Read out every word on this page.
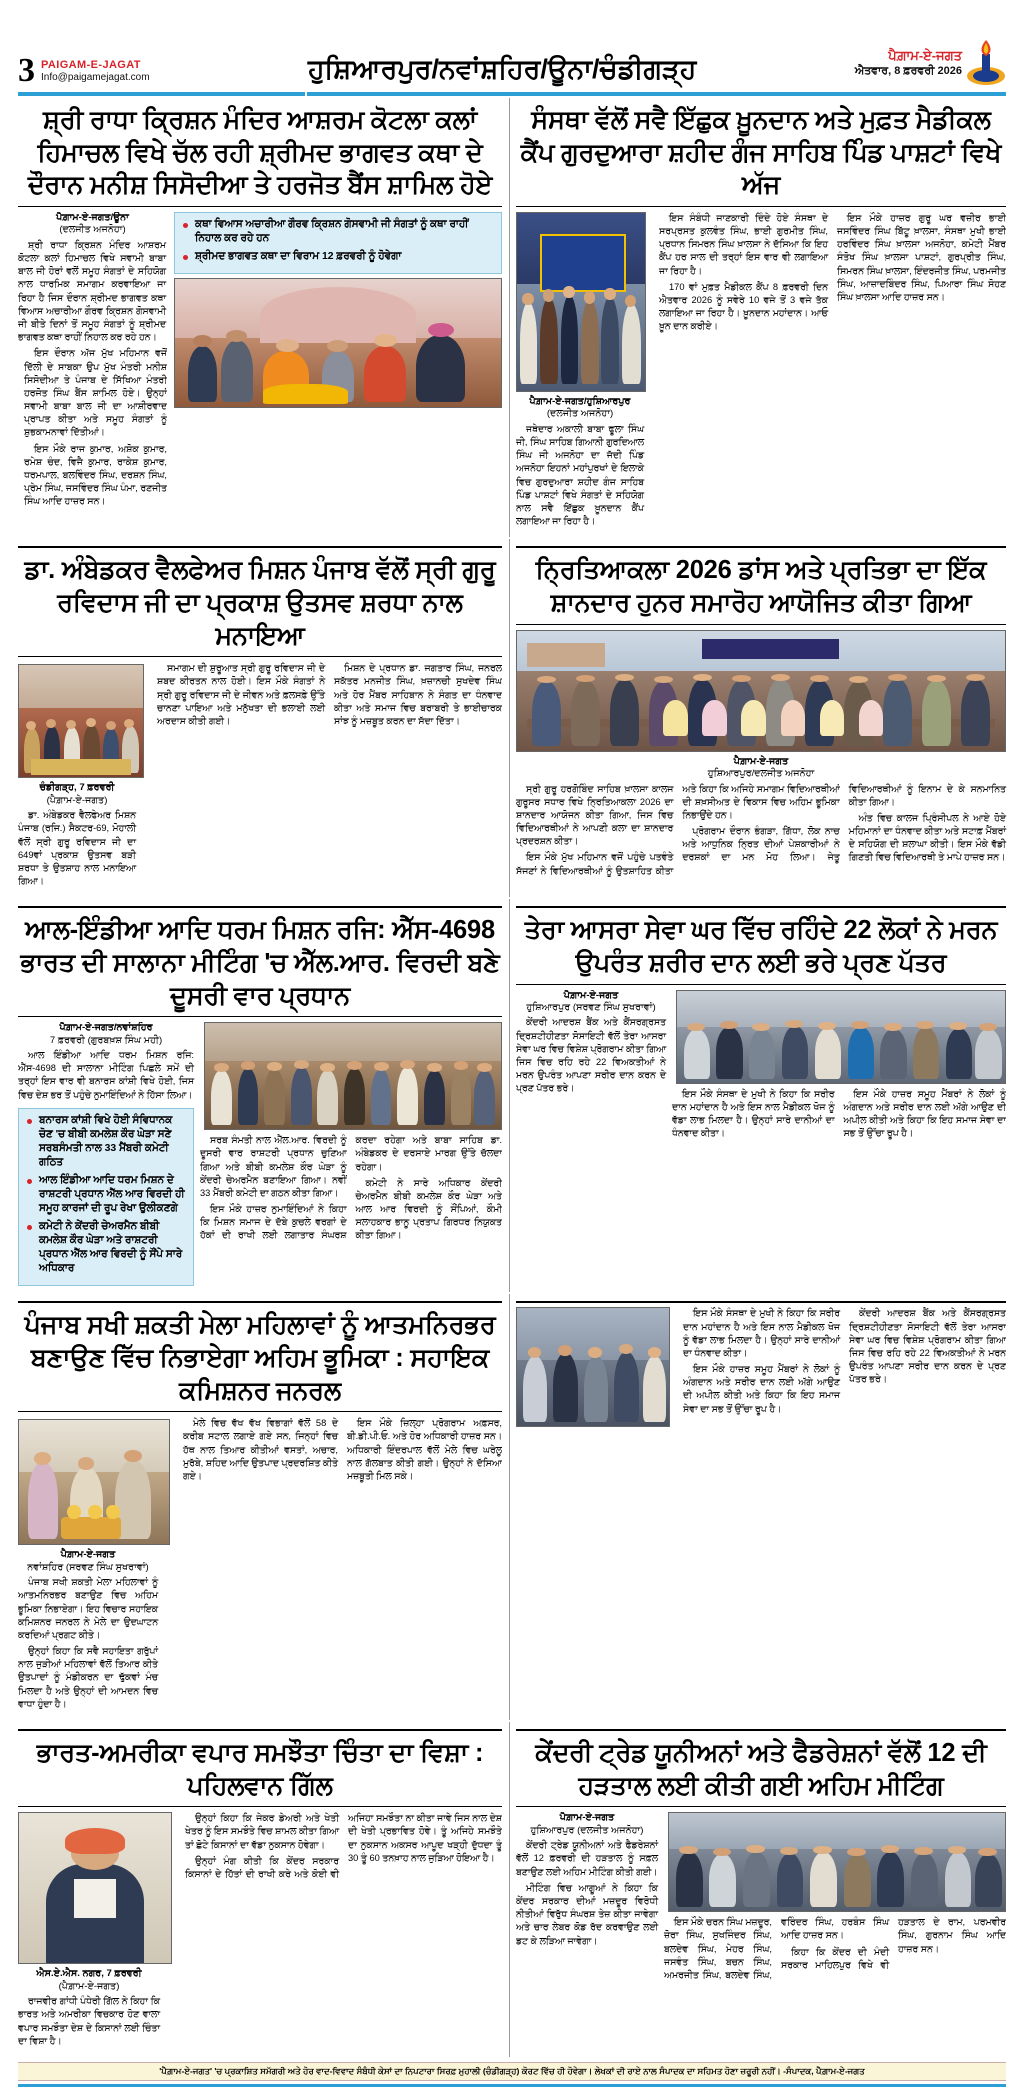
3 PAIGAM-E-JAGAT
Info@paigamejagat.com	ਹੁਸ਼ਿਆਰਪੁਰ/ਨਵਾਂਸ਼ਹਿਰ/ਊਨਾ/ਚੰਡੀਗੜ੍ਹ	ਪੈਗ਼ਾਮ-ਏ-ਜਗਤ
ਐਤਵਾਰ, 8 ਫ਼ਰਵਰੀ 2026
ਸ਼੍ਰੀ ਰਾਧਾ ਕ੍ਰਿਸ਼ਨ ਮੰਦਿਰ ਆਸ਼ਰਮ ਕੋਟਲਾ ਕਲਾਂ ਹਿਮਾਚਲ ਵਿਖੇ ਚੱਲ ਰਹੀ ਸ਼੍ਰੀਮਦ ਭਾਗਵਤ ਕਥਾ ਦੇ ਦੌਰਾਨ ਮਨੀਸ਼ ਸਿਸੋਦੀਆ ਤੇ ਹਰਜੋਤ ਬੈਂਸ ਸ਼ਾਮਿਲ ਹੋਏ
ਕਥਾ ਵਿਆਸ ਅਚਾਰੀਆ ਗੌਰਵ ਕ੍ਰਿਸ਼ਨ ਗੋਸਵਾਮੀ ਜੀ ਸੰਗਤਾਂ ਨੂੰ ਕਥਾ ਰਾਹੀਂ ਨਿਹਾਲ ਕਰ ਰਹੇ ਹਨ
ਸ਼੍ਰੀਮਦ ਭਾਗਵਤ ਕਥਾ ਦਾ ਵਿਰਾਮ 12 ਫ਼ਰਵਰੀ ਨੂੰ ਹੋਵੇਗਾ
ਪੈਗ਼ਾਮ-ਏ-ਜਗਤ/ਊਨਾ
(ਦਲਜੀਤ ਅਜਨੋਹਾ)

ਸ਼੍ਰੀ ਰਾਧਾ ਕ੍ਰਿਸ਼ਨ ਮੰਦਿਰ ਆਸ਼ਰਮ ਕੋਟਲਾ ਕਲਾਂ ਹਿਮਾਚਲ ਵਿਖੇ ਸਵਾਮੀ ਬਾਬਾ ਬਾਲ ਜੀ ਹੋਰਾਂ ਵਲੋਂ ਸਮੂਹ ਸੰਗਤਾਂ ਦੇ ਸਹਿਯੋਗ ਨਾਲ ਧਾਰਮਿਕ ਸਮਾਗਮ ਕਰਵਾਇਆ ਜਾ ਰਿਹਾ ਹੈ ਜਿਸ ਦੌਰਾਨ ਸ਼੍ਰੀਮਦ ਭਾਗਵਤ ਕਥਾ ਵਿਆਸ ਅਚਾਰੀਆ ਗੌਰਵ ਕ੍ਰਿਸ਼ਨ ਗੋਸਵਾਮੀ ਜੀ ਬੀਤੇ ਦਿਨਾਂ ਤੋਂ ਸਮੂਹ ਸੰਗਤਾਂ ਨੂੰ ਸ਼੍ਰੀਮਦ ਭਾਗਵਤ ਕਥਾ ਰਾਹੀਂ ਨਿਹਾਲ ਕਰ ਰਹੇ ਹਨ।

ਇਸ ਦੌਰਾਨ ਅੱਜ ਮੁੱਖ ਮਹਿਮਾਨ ਵਜੋਂ ਦਿੱਲੀ ਦੇ ਸਾਬਕਾ ਉਪ ਮੁੱਖ ਮੰਤਰੀ ਮਨੀਸ਼ ਸਿਸੋਦੀਆ ਤੇ ਪੰਜਾਬ ਦੇ ਸਿੱਖਿਆ ਮੰਤਰੀ ਹਰਜੋਤ ਸਿੰਘ ਬੈਂਸ ਸ਼ਾਮਿਲ ਹੋਏ। ਉਨ੍ਹਾਂ ਸਵਾਮੀ ਬਾਬਾ ਬਾਲ ਜੀ ਦਾ ਆਸ਼ੀਰਵਾਦ ਪ੍ਰਾਪਤ ਕੀਤਾ ਅਤੇ ਸਮੂਹ ਸੰਗਤਾਂ ਨੂੰ ਸ਼ੁਭਕਾਮਨਾਵਾਂ ਦਿੱਤੀਆਂ।

ਇਸ ਮੌਕੇ ਰਾਜ ਕੁਮਾਰ, ਅਸ਼ੋਕ ਕੁਮਾਰ, ਰਮੇਸ਼ ਚੰਦ, ਵਿਜੈ ਕੁਮਾਰ, ਰਾਕੇਸ਼ ਕੁਮਾਰ, ਧਰਮਪਾਲ, ਬਲਵਿੰਦਰ ਸਿੰਘ, ਦਰਸ਼ਨ ਸਿੰਘ, ਪ੍ਰੇਮ ਸਿੰਘ, ਜਸਵਿੰਦਰ ਸਿੰਘ ਪੰਮਾ, ਰਣਜੀਤ ਸਿੰਘ ਆਦਿ ਹਾਜ਼ਰ ਸਨ।

ਸੰਸਥਾ ਵੱਲੋਂ ਸਵੈ ਇੱਛੁਕ ਖ਼ੂਨਦਾਨ ਅਤੇ ਮੁਫ਼ਤ ਮੈਡੀਕਲ ਕੈਂਪ ਗੁਰਦੁਆਰਾ ਸ਼ਹੀਦ ਗੰਜ ਸਾਹਿਬ ਪਿੰਡ ਪਾਸ਼ਟਾਂ ਵਿਖੇ ਅੱਜ
ਪੈਗ਼ਾਮ-ਏ-ਜਗਤ/ਹੁਸ਼ਿਆਰਪੁਰ
(ਦਲਜੀਤ ਅਜਨੋਹਾ)

ਜਥੇਦਾਰ ਅਕਾਲੀ ਬਾਬਾ ਫੂਲਾ ਸਿੰਘ ਜੀ, ਸਿੰਘ ਸਾਹਿਬ ਗਿਆਨੀ ਗੁਰਦਿਆਲ ਸਿੰਘ ਜੀ ਅਜਨੋਹਾ ਦਾ ਜੱਦੀ ਪਿੰਡ ਅਜਨੋਹਾ ਇਹਨਾਂ ਮਹਾਂਪੁਰਖਾਂ ਦੇ ਇਲਾਕੇ ਵਿਚ ਗੁਰਦੁਆਰਾ ਸ਼ਹੀਦ ਗੰਜ ਸਾਹਿਬ ਪਿੰਡ ਪਾਸ਼ਟਾਂ ਵਿਖੇ ਸੰਗਤਾਂ ਦੇ ਸਹਿਯੋਗ ਨਾਲ ਸਵੈ ਇੱਛੁਕ ਖ਼ੂਨਦਾਨ ਕੈਂਪ ਲਗਾਇਆ ਜਾ ਰਿਹਾ ਹੈ।

ਇਸ ਸੰਬੰਧੀ ਜਾਣਕਾਰੀ ਦਿੰਦੇ ਹੋਏ ਸੰਸਥਾ ਦੇ ਸਰਪ੍ਰਸਤ ਕੁਲਵੰਤ ਸਿੰਘ, ਭਾਈ ਗੁਰਮੀਤ ਸਿੰਘ, ਪ੍ਰਧਾਨ ਸਿਮਰਨ ਸਿੰਘ ਖ਼ਾਲਸਾ ਨੇ ਦੱਸਿਆ ਕਿ ਇਹ ਕੈਂਪ ਹਰ ਸਾਲ ਦੀ ਤਰ੍ਹਾਂ ਇਸ ਵਾਰ ਵੀ ਲਗਾਇਆ ਜਾ ਰਿਹਾ ਹੈ।

170 ਵਾਂ ਮੁਫ਼ਤ ਮੈਡੀਕਲ ਕੈਂਪ 8 ਫ਼ਰਵਰੀ ਦਿਨ ਐਤਵਾਰ 2026 ਨੂੰ ਸਵੇਰੇ 10 ਵਜੇ ਤੋਂ 3 ਵਜੇ ਤੱਕ ਲਗਾਇਆ ਜਾ ਰਿਹਾ ਹੈ। ਖ਼ੂਨਦਾਨ ਮਹਾਂਦਾਨ। ਆਓ ਖ਼ੂਨ ਦਾਨ ਕਰੀਏ।

ਇਸ ਮੌਕੇ ਹਾਜ਼ਰ ਗੁਰੂ ਘਰ ਵਜ਼ੀਰ ਭਾਈ ਜਸਵਿੰਦਰ ਸਿੰਘ ਬਿੱਟੂ ਖ਼ਾਲਸਾ, ਸੰਸਥਾ ਮੁਖੀ ਭਾਈ ਹਰਵਿੰਦਰ ਸਿੰਘ ਖ਼ਾਲਸਾ ਅਜਨੋਹਾ, ਕਮੇਟੀ ਮੈਂਬਰ ਸੰਤੋਖ ਸਿੰਘ ਖ਼ਾਲਸਾ ਪਾਸ਼ਟਾਂ, ਗੁਰਪ੍ਰੀਤ ਸਿੰਘ, ਸਿਮਰਨ ਸਿੰਘ ਖ਼ਾਲਸਾ, ਇੰਦਰਜੀਤ ਸਿੰਘ, ਪਰਮਜੀਤ ਸਿੰਘ, ਆਜ਼ਾਦਬਿੰਦਰ ਸਿੰਘ, ਪਿਆਰਾ ਸਿੰਘ ਸੋਹਣ ਸਿੰਘ ਖ਼ਾਲਸਾ ਆਦਿ ਹਾਜ਼ਰ ਸਨ।

ਡਾ. ਅੰਬੇਡਕਰ ਵੈਲਫੇਅਰ ਮਿਸ਼ਨ ਪੰਜਾਬ ਵੱਲੋਂ ਸ੍ਰੀ ਗੁਰੂ ਰਵਿਦਾਸ ਜੀ ਦਾ ਪ੍ਰਕਾਸ਼ ਉਤਸਵ ਸ਼ਰਧਾ ਨਾਲ ਮਨਾਇਆ
ਚੰਡੀਗੜ੍ਹ, 7 ਫ਼ਰਵਰੀ
(ਪੈਗ਼ਾਮ-ਏ-ਜਗਤ)

ਡਾ. ਅੰਬੇਡਕਰ ਵੈਲਫੇਅਰ ਮਿਸ਼ਨ ਪੰਜਾਬ (ਰਜਿ.) ਸੈਕਟਰ-69, ਮੋਹਾਲੀ ਵੱਲੋਂ ਸ੍ਰੀ ਗੁਰੂ ਰਵਿਦਾਸ ਜੀ ਦਾ 649ਵਾਂ ਪ੍ਰਕਾਸ਼ ਉਤਸਵ ਬੜੀ ਸ਼ਰਧਾ ਤੇ ਉਤਸ਼ਾਹ ਨਾਲ ਮਨਾਇਆ ਗਿਆ।

ਸਮਾਗਮ ਦੀ ਸ਼ੁਰੂਆਤ ਸ੍ਰੀ ਗੁਰੂ ਰਵਿਦਾਸ ਜੀ ਦੇ ਸ਼ਬਦ ਕੀਰਤਨ ਨਾਲ ਹੋਈ। ਇਸ ਮੌਕੇ ਸੰਗਤਾਂ ਨੇ ਸ੍ਰੀ ਗੁਰੂ ਰਵਿਦਾਸ ਜੀ ਦੇ ਜੀਵਨ ਅਤੇ ਫ਼ਲਸਫ਼ੇ ਉੱਤੇ ਚਾਨਣਾ ਪਾਇਆ ਅਤੇ ਮਨੁੱਖਤਾ ਦੀ ਭਲਾਈ ਲਈ ਅਰਦਾਸ ਕੀਤੀ ਗਈ।

ਮਿਸ਼ਨ ਦੇ ਪ੍ਰਧਾਨ ਡਾ. ਜਗਤਾਰ ਸਿੰਘ, ਜਨਰਲ ਸਕੱਤਰ ਮਨਜੀਤ ਸਿੰਘ, ਖ਼ਜ਼ਾਨਚੀ ਸੁਖਦੇਵ ਸਿੰਘ ਅਤੇ ਹੋਰ ਮੈਂਬਰ ਸਾਹਿਬਾਨ ਨੇ ਸੰਗਤ ਦਾ ਧੰਨਵਾਦ ਕੀਤਾ ਅਤੇ ਸਮਾਜ ਵਿਚ ਬਰਾਬਰੀ ਤੇ ਭਾਈਚਾਰਕ ਸਾਂਝ ਨੂੰ ਮਜ਼ਬੂਤ ਕਰਨ ਦਾ ਸੱਦਾ ਦਿੱਤਾ।

ਨ੍ਰਿਤਿਆਕਲਾ 2026 ਡਾਂਸ ਅਤੇ ਪ੍ਰਤਿਭਾ ਦਾ ਇੱਕ ਸ਼ਾਨਦਾਰ ਹੁਨਰ ਸਮਾਰੋਹ ਆਯੋਜਿਤ ਕੀਤਾ ਗਿਆ
ਪੈਗ਼ਾਮ-ਏ-ਜਗਤ
ਹੁਸ਼ਿਆਰਪੁਰ/ਦਲਜੀਤ ਅਜਨੋਹਾ

ਸ੍ਰੀ ਗੁਰੂ ਹਰਗੋਬਿੰਦ ਸਾਹਿਬ ਖ਼ਾਲਸਾ ਕਾਲਜ ਗੁਰੂਸਰ ਸਧਾਰ ਵਿਖੇ ਨ੍ਰਿਤਿਆਕਲਾ 2026 ਦਾ ਸ਼ਾਨਦਾਰ ਆਯੋਜਨ ਕੀਤਾ ਗਿਆ, ਜਿਸ ਵਿਚ ਵਿਦਿਆਰਥੀਆਂ ਨੇ ਆਪਣੀ ਕਲਾ ਦਾ ਸ਼ਾਨਦਾਰ ਪ੍ਰਦਰਸ਼ਨ ਕੀਤਾ।

ਇਸ ਮੌਕੇ ਮੁੱਖ ਮਹਿਮਾਨ ਵਜੋਂ ਪਹੁੰਚੇ ਪਤਵੰਤੇ ਸੱਜਣਾਂ ਨੇ ਵਿਦਿਆਰਥੀਆਂ ਨੂੰ ਉਤਸ਼ਾਹਿਤ ਕੀਤਾ ਅਤੇ ਕਿਹਾ ਕਿ ਅਜਿਹੇ ਸਮਾਗਮ ਵਿਦਿਆਰਥੀਆਂ ਦੀ ਸ਼ਖ਼ਸੀਅਤ ਦੇ ਵਿਕਾਸ ਵਿਚ ਅਹਿਮ ਭੂਮਿਕਾ ਨਿਭਾਉਂਦੇ ਹਨ।

ਪ੍ਰੋਗਰਾਮ ਦੌਰਾਨ ਭੰਗੜਾ, ਗਿੱਧਾ, ਲੋਕ ਨਾਚ ਅਤੇ ਆਧੁਨਿਕ ਨ੍ਰਿਤ ਦੀਆਂ ਪੇਸ਼ਕਾਰੀਆਂ ਨੇ ਦਰਸ਼ਕਾਂ ਦਾ ਮਨ ਮੋਹ ਲਿਆ। ਜੇਤੂ ਵਿਦਿਆਰਥੀਆਂ ਨੂੰ ਇਨਾਮ ਦੇ ਕੇ ਸਨਮਾਨਿਤ ਕੀਤਾ ਗਿਆ।

ਅੰਤ ਵਿਚ ਕਾਲਜ ਪ੍ਰਿੰਸੀਪਲ ਨੇ ਆਏ ਹੋਏ ਮਹਿਮਾਨਾਂ ਦਾ ਧੰਨਵਾਦ ਕੀਤਾ ਅਤੇ ਸਟਾਫ਼ ਮੈਂਬਰਾਂ ਦੇ ਸਹਿਯੋਗ ਦੀ ਸ਼ਲਾਘਾ ਕੀਤੀ। ਇਸ ਮੌਕੇ ਵੱਡੀ ਗਿਣਤੀ ਵਿਚ ਵਿਦਿਆਰਥੀ ਤੇ ਮਾਪੇ ਹਾਜ਼ਰ ਸਨ।

ਆਲ-ਇੰਡੀਆ ਆਦਿ ਧਰਮ ਮਿਸ਼ਨ ਰਜਿ: ਐੱਸ-4698 ਭਾਰਤ ਦੀ ਸਾਲਾਨਾ ਮੀਟਿੰਗ 'ਚ ਐੱਲ.ਆਰ. ਵਿਰਦੀ ਬਣੇ ਦੂਸਰੀ ਵਾਰ ਪ੍ਰਧਾਨ
ਪੈਗ਼ਾਮ-ਏ-ਜਗਤ/ਨਵਾਂਸ਼ਹਿਰ
7 ਫ਼ਰਵਰੀ (ਗੁਰਬਖ਼ਸ਼ ਸਿੰਘ ਮਹੀ)

ਆਲ ਇੰਡੀਆ ਆਦਿ ਧਰਮ ਮਿਸ਼ਨ ਰਜਿ: ਐੱਸ-4698 ਦੀ ਸਾਲਾਨਾ ਮੀਟਿੰਗ ਪਿਛਲੇ ਸਮੇਂ ਦੀ ਤਰ੍ਹਾਂ ਇਸ ਵਾਰ ਵੀ ਬਨਾਰਸ ਕਾਂਸ਼ੀ ਵਿਖੇ ਹੋਈ, ਜਿਸ ਵਿਚ ਦੇਸ਼ ਭਰ ਤੋਂ ਪਹੁੰਚੇ ਨੁਮਾਇੰਦਿਆਂ ਨੇ ਹਿੱਸਾ ਲਿਆ।

ਬਨਾਰਸ ਕਾਂਸ਼ੀ ਵਿਖੇ ਹੋਈ ਸੰਵਿਧਾਨਕ ਚੋਣ 'ਚ ਬੀਬੀ ਕਮਲੇਸ਼ ਕੌਰ ਘੇੜਾ ਸਣੇ ਸਰਬਸੰਮਤੀ ਨਾਲ 33 ਮੈਂਬਰੀ ਕਮੇਟੀ ਗਠਿਤ
ਆਲ ਇੰਡੀਆ ਆਦਿ ਧਰਮ ਮਿਸ਼ਨ ਦੇ ਰਾਸ਼ਟਰੀ ਪ੍ਰਧਾਨ ਐੱਲ ਆਰ ਵਿਰਦੀ ਹੀ ਸਮੂਹ ਕਾਰਜਾਂ ਦੀ ਰੂਪ ਰੇਖਾ ਉਲੀਕਣਗੇ
ਕਮੇਟੀ ਨੇ ਕੇਂਦਰੀ ਚੇਅਰਮੈਨ ਬੀਬੀ ਕਮਲੇਸ਼ ਕੌਰ ਘੇੜਾ ਅਤੇ ਰਾਸ਼ਟਰੀ ਪ੍ਰਧਾਨ ਐੱਲ ਆਰ ਵਿਰਦੀ ਨੂੰ ਸੌਂਪੇ ਸਾਰੇ ਅਧਿਕਾਰ

ਸਰਬ ਸੰਮਤੀ ਨਾਲ ਐੱਲ.ਆਰ. ਵਿਰਦੀ ਨੂੰ ਦੂਸਰੀ ਵਾਰ ਰਾਸ਼ਟਰੀ ਪ੍ਰਧਾਨ ਚੁਣਿਆ ਗਿਆ ਅਤੇ ਬੀਬੀ ਕਮਲੇਸ਼ ਕੌਰ ਘੇੜਾ ਨੂੰ ਕੇਂਦਰੀ ਚੇਅਰਮੈਨ ਬਣਾਇਆ ਗਿਆ। ਨਵੀਂ 33 ਮੈਂਬਰੀ ਕਮੇਟੀ ਦਾ ਗਠਨ ਕੀਤਾ ਗਿਆ।

ਇਸ ਮੌਕੇ ਹਾਜ਼ਰ ਨੁਮਾਇੰਦਿਆਂ ਨੇ ਕਿਹਾ ਕਿ ਮਿਸ਼ਨ ਸਮਾਜ ਦੇ ਦੱਬੇ ਕੁਚਲੇ ਵਰਗਾਂ ਦੇ ਹੱਕਾਂ ਦੀ ਰਾਖੀ ਲਈ ਲਗਾਤਾਰ ਸੰਘਰਸ਼ ਕਰਦਾ ਰਹੇਗਾ ਅਤੇ ਬਾਬਾ ਸਾਹਿਬ ਡਾ. ਅੰਬੇਡਕਰ ਦੇ ਦਰਸਾਏ ਮਾਰਗ ਉੱਤੇ ਚੱਲਦਾ ਰਹੇਗਾ।

ਕਮੇਟੀ ਨੇ ਸਾਰੇ ਅਧਿਕਾਰ ਕੇਂਦਰੀ ਚੇਅਰਮੈਨ ਬੀਬੀ ਕਮਲੇਸ਼ ਕੌਰ ਘੇੜਾ ਅਤੇ ਆਲ ਆਰ ਵਿਰਦੀ ਨੂੰ ਸੌਂਪਿਆਂ, ਕੌਮੀ ਸਲਾਹਕਾਰ ਭਾਨੂ ਪ੍ਰਤਾਪ ਗਿਰਧਰ ਨਿਯੁਕਤ ਕੀਤਾ ਗਿਆ।

ਤੇਰਾ ਆਸਰਾ ਸੇਵਾ ਘਰ ਵਿੱਚ ਰਹਿੰਦੇ 22 ਲੋਕਾਂ ਨੇ ਮਰਨ ਉਪਰੰਤ ਸ਼ਰੀਰ ਦਾਨ ਲਈ ਭਰੇ ਪ੍ਰਣ ਪੱਤਰ
ਪੈਗ਼ਾਮ-ਏ-ਜਗਤ
ਹੁਸ਼ਿਆਰਪੁਰ (ਸਰਵਣ ਸਿੰਘ ਸੁਖਰਾਵਾਂ)

ਕੇਂਦਰੀ ਆਦਰਸ਼ ਬੈਂਕ ਅਤੇ ਕੈਂਸਰਗ੍ਰਸਤ ਦ੍ਰਿਸ਼ਟੀਹੀਣਤਾ ਸੋਸਾਇਟੀ ਵੱਲੋਂ ਤੇਰਾ ਆਸਰਾ ਸੇਵਾ ਘਰ ਵਿਚ ਵਿਸ਼ੇਸ਼ ਪ੍ਰੋਗਰਾਮ ਕੀਤਾ ਗਿਆ ਜਿਸ ਵਿਚ ਰਹਿ ਰਹੇ 22 ਵਿਅਕਤੀਆਂ ਨੇ ਮਰਨ ਉਪਰੰਤ ਆਪਣਾ ਸਰੀਰ ਦਾਨ ਕਰਨ ਦੇ ਪ੍ਰਣ ਪੱਤਰ ਭਰੇ।

ਇਸ ਮੌਕੇ ਸੰਸਥਾ ਦੇ ਮੁਖੀ ਨੇ ਕਿਹਾ ਕਿ ਸਰੀਰ ਦਾਨ ਮਹਾਂਦਾਨ ਹੈ ਅਤੇ ਇਸ ਨਾਲ ਮੈਡੀਕਲ ਖੋਜ ਨੂੰ ਵੱਡਾ ਲਾਭ ਮਿਲਦਾ ਹੈ। ਉਨ੍ਹਾਂ ਸਾਰੇ ਦਾਨੀਆਂ ਦਾ ਧੰਨਵਾਦ ਕੀਤਾ।

ਇਸ ਮੌਕੇ ਹਾਜ਼ਰ ਸਮੂਹ ਮੈਂਬਰਾਂ ਨੇ ਲੋਕਾਂ ਨੂੰ ਅੰਗਦਾਨ ਅਤੇ ਸਰੀਰ ਦਾਨ ਲਈ ਅੱਗੇ ਆਉਣ ਦੀ ਅਪੀਲ ਕੀਤੀ ਅਤੇ ਕਿਹਾ ਕਿ ਇਹ ਸਮਾਜ ਸੇਵਾ ਦਾ ਸਭ ਤੋਂ ਉੱਚਾ ਰੂਪ ਹੈ।

ਪੰਜਾਬ ਸਖੀ ਸ਼ਕਤੀ ਮੇਲਾ ਮਹਿਲਾਵਾਂ ਨੂੰ ਆਤਮਨਿਰਭਰ ਬਣਾਉਣ ਵਿੱਚ ਨਿਭਾਏਗਾ ਅਹਿਮ ਭੂਮਿਕਾ : ਸਹਾਇਕ ਕਮਿਸ਼ਨਰ ਜਨਰਲ
ਪੈਗ਼ਾਮ-ਏ-ਜਗਤ
ਨਵਾਂਸ਼ਹਿਰ (ਸਰਵਣ ਸਿੰਘ ਸੁਖਰਾਵਾਂ)

ਪੰਜਾਬ ਸਖੀ ਸ਼ਕਤੀ ਮੇਲਾ ਮਹਿਲਾਵਾਂ ਨੂੰ ਆਤਮਨਿਰਭਰ ਬਣਾਉਣ ਵਿਚ ਅਹਿਮ ਭੂਮਿਕਾ ਨਿਭਾਏਗਾ। ਇਹ ਵਿਚਾਰ ਸਹਾਇਕ ਕਮਿਸ਼ਨਰ ਜਨਰਲ ਨੇ ਮੇਲੇ ਦਾ ਉਦਘਾਟਨ ਕਰਦਿਆਂ ਪ੍ਰਗਟ ਕੀਤੇ।

ਉਨ੍ਹਾਂ ਕਿਹਾ ਕਿ ਸਵੈ ਸਹਾਇਤਾ ਗਰੁੱਪਾਂ ਨਾਲ ਜੁੜੀਆਂ ਮਹਿਲਾਵਾਂ ਵੱਲੋਂ ਤਿਆਰ ਕੀਤੇ ਉਤਪਾਦਾਂ ਨੂੰ ਮੰਡੀਕਰਨ ਦਾ ਢੁੱਕਵਾਂ ਮੰਚ ਮਿਲਦਾ ਹੈ ਅਤੇ ਉਨ੍ਹਾਂ ਦੀ ਆਮਦਨ ਵਿਚ ਵਾਧਾ ਹੁੰਦਾ ਹੈ।

ਮੇਲੇ ਵਿਚ ਵੱਖ ਵੱਖ ਵਿਭਾਗਾਂ ਵੱਲੋਂ 58 ਦੇ ਕਰੀਬ ਸਟਾਲ ਲਗਾਏ ਗਏ ਸਨ, ਜਿਨ੍ਹਾਂ ਵਿਚ ਹੱਥ ਨਾਲ ਤਿਆਰ ਕੀਤੀਆਂ ਵਸਤਾਂ, ਅਚਾਰ, ਮੁਰੱਬੇ, ਸ਼ਹਿਦ ਆਦਿ ਉਤਪਾਦ ਪ੍ਰਦਰਸ਼ਿਤ ਕੀਤੇ ਗਏ।

ਇਸ ਮੌਕੇ ਜ਼ਿਲ੍ਹਾ ਪ੍ਰੋਗਰਾਮ ਅਫ਼ਸਰ, ਬੀ.ਡੀ.ਪੀ.ਓ. ਅਤੇ ਹੋਰ ਅਧਿਕਾਰੀ ਹਾਜ਼ਰ ਸਨ। ਅਧਿਕਾਰੀ ਇੰਦਰਪਾਲ ਵੱਲੋਂ ਮੇਲੇ ਵਿਚ ਘਰੇਲੂ ਨਾਲ ਗੱਲਬਾਤ ਕੀਤੀ ਗਈ। ਉਨ੍ਹਾਂ ਨੇ ਦੱਸਿਆ ਮਜ਼ਬੂਤੀ ਮਿਲ ਸਕੇ।

ਇਸ ਮੌਕੇ ਸੰਸਥਾ ਦੇ ਮੁਖੀ ਨੇ ਕਿਹਾ ਕਿ ਸਰੀਰ ਦਾਨ ਮਹਾਂਦਾਨ ਹੈ ਅਤੇ ਇਸ ਨਾਲ ਮੈਡੀਕਲ ਖੋਜ ਨੂੰ ਵੱਡਾ ਲਾਭ ਮਿਲਦਾ ਹੈ। ਉਨ੍ਹਾਂ ਸਾਰੇ ਦਾਨੀਆਂ ਦਾ ਧੰਨਵਾਦ ਕੀਤਾ।

ਇਸ ਮੌਕੇ ਹਾਜ਼ਰ ਸਮੂਹ ਮੈਂਬਰਾਂ ਨੇ ਲੋਕਾਂ ਨੂੰ ਅੰਗਦਾਨ ਅਤੇ ਸਰੀਰ ਦਾਨ ਲਈ ਅੱਗੇ ਆਉਣ ਦੀ ਅਪੀਲ ਕੀਤੀ ਅਤੇ ਕਿਹਾ ਕਿ ਇਹ ਸਮਾਜ ਸੇਵਾ ਦਾ ਸਭ ਤੋਂ ਉੱਚਾ ਰੂਪ ਹੈ।

ਕੇਂਦਰੀ ਆਦਰਸ਼ ਬੈਂਕ ਅਤੇ ਕੈਂਸਰਗ੍ਰਸਤ ਦ੍ਰਿਸ਼ਟੀਹੀਣਤਾ ਸੋਸਾਇਟੀ ਵੱਲੋਂ ਤੇਰਾ ਆਸਰਾ ਸੇਵਾ ਘਰ ਵਿਚ ਵਿਸ਼ੇਸ਼ ਪ੍ਰੋਗਰਾਮ ਕੀਤਾ ਗਿਆ ਜਿਸ ਵਿਚ ਰਹਿ ਰਹੇ 22 ਵਿਅਕਤੀਆਂ ਨੇ ਮਰਨ ਉਪਰੰਤ ਆਪਣਾ ਸਰੀਰ ਦਾਨ ਕਰਨ ਦੇ ਪ੍ਰਣ ਪੱਤਰ ਭਰੇ।

ਭਾਰਤ-ਅਮਰੀਕਾ ਵਪਾਰ ਸਮਝੌਤਾ ਚਿੰਤਾ ਦਾ ਵਿਸ਼ਾ : ਪਹਿਲਵਾਨ ਗਿੱਲ
ਐਸ.ਏ.ਐਸ. ਨਗਰ, 7 ਫ਼ਰਵਰੀ
(ਪੈਗ਼ਾਮ-ਏ-ਜਗਤ)

ਰਾਜਵੀਰ ਗਾਂਧੀ ਪੰਧੇਰੀ ਗਿੱਲ ਨੇ ਕਿਹਾ ਕਿ ਭਾਰਤ ਅਤੇ ਅਮਰੀਕਾ ਵਿਚਕਾਰ ਹੋਣ ਵਾਲਾ ਵਪਾਰ ਸਮਝੌਤਾ ਦੇਸ਼ ਦੇ ਕਿਸਾਨਾਂ ਲਈ ਚਿੰਤਾ ਦਾ ਵਿਸ਼ਾ ਹੈ।

ਉਨ੍ਹਾਂ ਕਿਹਾ ਕਿ ਜੇਕਰ ਡੇਅਰੀ ਅਤੇ ਖੇਤੀ ਖੇਤਰ ਨੂੰ ਇਸ ਸਮਝੌਤੇ ਵਿਚ ਸ਼ਾਮਲ ਕੀਤਾ ਗਿਆ ਤਾਂ ਛੋਟੇ ਕਿਸਾਨਾਂ ਦਾ ਵੱਡਾ ਨੁਕਸਾਨ ਹੋਵੇਗਾ।

ਉਨ੍ਹਾਂ ਮੰਗ ਕੀਤੀ ਕਿ ਕੇਂਦਰ ਸਰਕਾਰ ਕਿਸਾਨਾਂ ਦੇ ਹਿੱਤਾਂ ਦੀ ਰਾਖੀ ਕਰੇ ਅਤੇ ਕੋਈ ਵੀ ਅਜਿਹਾ ਸਮਝੌਤਾ ਨਾ ਕੀਤਾ ਜਾਵੇ ਜਿਸ ਨਾਲ ਦੇਸ਼ ਦੀ ਖੇਤੀ ਪ੍ਰਭਾਵਿਤ ਹੋਵੇ। ਤੂੰ ਅਜਿਹੇ ਸਮਝੌਤੇ ਦਾ ਨੁਕਸਾਨ ਅਕਸਰ ਆਪੂਦ ਖੜ੍ਹੀ ਦੁੱਧਦਾ ਤੂੰ 30 ਤੂੰ 60 ਤਨਖ਼ਾਹ ਨਾਲ ਜੁੜਿਆ ਹੋਇਆ ਹੈ।

ਕੇਂਦਰੀ ਟ੍ਰੇਡ ਯੂਨੀਅਨਾਂ ਅਤੇ ਫੈਡਰੇਸ਼ਨਾਂ ਵੱਲੋਂ 12 ਦੀ ਹੜਤਾਲ ਲਈ ਕੀਤੀ ਗਈ ਅਹਿਮ ਮੀਟਿੰਗ
ਪੈਗ਼ਾਮ-ਏ-ਜਗਤ
ਹੁਸ਼ਿਆਰਪੁਰ (ਦਲਜੀਤ ਅਜਨੋਹਾ)

ਕੇਂਦਰੀ ਟ੍ਰੇਡ ਯੂਨੀਅਨਾਂ ਅਤੇ ਫੈਡਰੇਸ਼ਨਾਂ ਵੱਲੋਂ 12 ਫ਼ਰਵਰੀ ਦੀ ਹੜਤਾਲ ਨੂੰ ਸਫ਼ਲ ਬਣਾਉਣ ਲਈ ਅਹਿਮ ਮੀਟਿੰਗ ਕੀਤੀ ਗਈ।

ਮੀਟਿੰਗ ਵਿਚ ਆਗੂਆਂ ਨੇ ਕਿਹਾ ਕਿ ਕੇਂਦਰ ਸਰਕਾਰ ਦੀਆਂ ਮਜ਼ਦੂਰ ਵਿਰੋਧੀ ਨੀਤੀਆਂ ਵਿਰੁੱਧ ਸੰਘਰਸ਼ ਤੇਜ਼ ਕੀਤਾ ਜਾਵੇਗਾ ਅਤੇ ਚਾਰ ਲੇਬਰ ਕੋਡ ਰੱਦ ਕਰਵਾਉਣ ਲਈ ਡਟ ਕੇ ਲੜਿਆ ਜਾਵੇਗਾ।

ਇਸ ਮੌਕੇ ਚਰਨ ਸਿੰਘ ਮਜ਼ਦੂਰ, ਜ਼ੋਰਾ ਸਿੰਘ, ਸੁਖਜਿੰਦਰ ਸਿੰਘ, ਬਲਦੇਵ ਸਿੰਘ, ਮੇਹਰ ਸਿੰਘ, ਜਸਵੰਤ ਸਿੰਘ, ਬਚਨ ਸਿੰਘ, ਅਮਰਜੀਤ ਸਿੰਘ, ਬਲਦੇਵ ਸਿੰਘ, ਵਰਿੰਦਰ ਸਿੰਘ, ਹਰਬੰਸ ਸਿੰਘ ਆਦਿ ਹਾਜ਼ਰ ਸਨ।

ਕਿਹਾ ਕਿ ਕੇਂਦਰ ਦੀ ਮੰਦੀ ਸਰਕਾਰ ਮਾਹਿਲਪੁਰ ਵਿਖੇ ਵੀ ਹੜਤਾਲ ਦੇ ਰਾਮ, ਪਰਮਵੀਰ ਸਿੰਘ, ਗੁਰਨਾਮ ਸਿੰਘ ਆਦਿ ਹਾਜ਼ਰ ਸਨ।

'ਪੈਗ਼ਾਮ-ਏ-ਜਗਤ' 'ਚ ਪ੍ਰਕਾਸ਼ਿਤ ਸਮੱਗਰੀ ਅਤੇ ਹੋਰ ਵਾਦ-ਵਿਵਾਦ ਸੰਬੰਧੀ ਕੇਸਾਂ ਦਾ ਨਿਪਟਾਰਾ ਸਿਰਫ਼ ਮੁਹਾਲੀ (ਚੰਡੀਗੜ੍ਹ) ਕੋਰਟ ਵਿੱਚ ਹੀ ਹੋਵੇਗਾ। ਲੇਖਕਾਂ ਦੀ ਰਾਏ ਨਾਲ ਸੰਪਾਦਕ ਦਾ ਸਹਿਮਤ ਹੋਣਾ ਜ਼ਰੂਰੀ ਨਹੀਂ। -ਸੰਪਾਦਕ, ਪੈਗ਼ਾਮ-ਏ-ਜਗਤ
